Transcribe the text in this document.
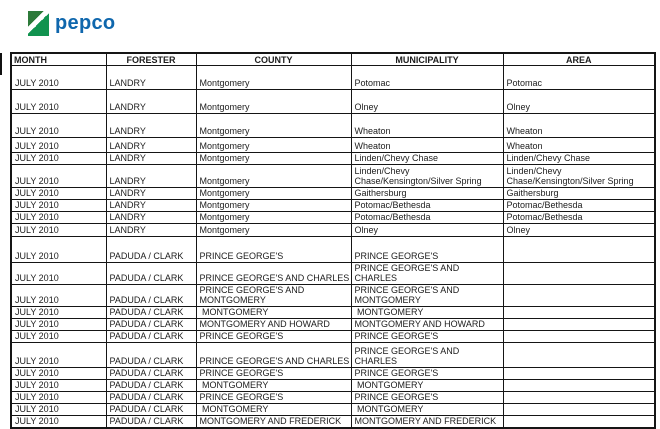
pepco
MONTH	FORESTER	COUNTY	MUNICIPALITY	AREA
JULY 2010	LANDRY	Montgomery	Potomac	Potomac
JULY 2010	LANDRY	Montgomery	Olney	Olney
JULY 2010	LANDRY	Montgomery	Wheaton	Wheaton
JULY 2010	LANDRY	Montgomery	Wheaton	Wheaton
JULY 2010	LANDRY	Montgomery	Linden/Chevy Chase	Linden/Chevy Chase
JULY 2010	LANDRY	Montgomery	Linden/Chevy Chase/Kensington/Silver Spring	Linden/Chevy Chase/Kensington/Silver Spring
JULY 2010	LANDRY	Montgomery	Gaithersburg	Gaithersburg
JULY 2010	LANDRY	Montgomery	Potomac/Bethesda	Potomac/Bethesda
JULY 2010	LANDRY	Montgomery	Potomac/Bethesda	Potomac/Bethesda
JULY 2010	LANDRY	Montgomery	Olney	Olney
JULY 2010	PADUDA / CLARK	PRINCE GEORGE'S	PRINCE GEORGE'S	
JULY 2010	PADUDA / CLARK	PRINCE GEORGE'S AND CHARLES	PRINCE GEORGE'S AND CHARLES	
JULY 2010	PADUDA / CLARK	PRINCE GEORGE'S AND MONTGOMERY	PRINCE GEORGE'S AND MONTGOMERY	
JULY 2010	PADUDA / CLARK	MONTGOMERY	MONTGOMERY	
JULY 2010	PADUDA / CLARK	MONTGOMERY AND HOWARD	MONTGOMERY AND HOWARD	
JULY 2010	PADUDA / CLARK	PRINCE GEORGE'S	PRINCE GEORGE'S	
JULY 2010	PADUDA / CLARK	PRINCE GEORGE'S AND CHARLES	PRINCE GEORGE'S AND CHARLES	
JULY 2010	PADUDA / CLARK	PRINCE GEORGE'S	PRINCE GEORGE'S	
JULY 2010	PADUDA / CLARK	MONTGOMERY	MONTGOMERY	
JULY 2010	PADUDA / CLARK	PRINCE GEORGE'S	PRINCE GEORGE'S	
JULY 2010	PADUDA / CLARK	MONTGOMERY	MONTGOMERY	
JULY 2010	PADUDA / CLARK	MONTGOMERY AND FREDERICK	MONTGOMERY AND FREDERICK	
